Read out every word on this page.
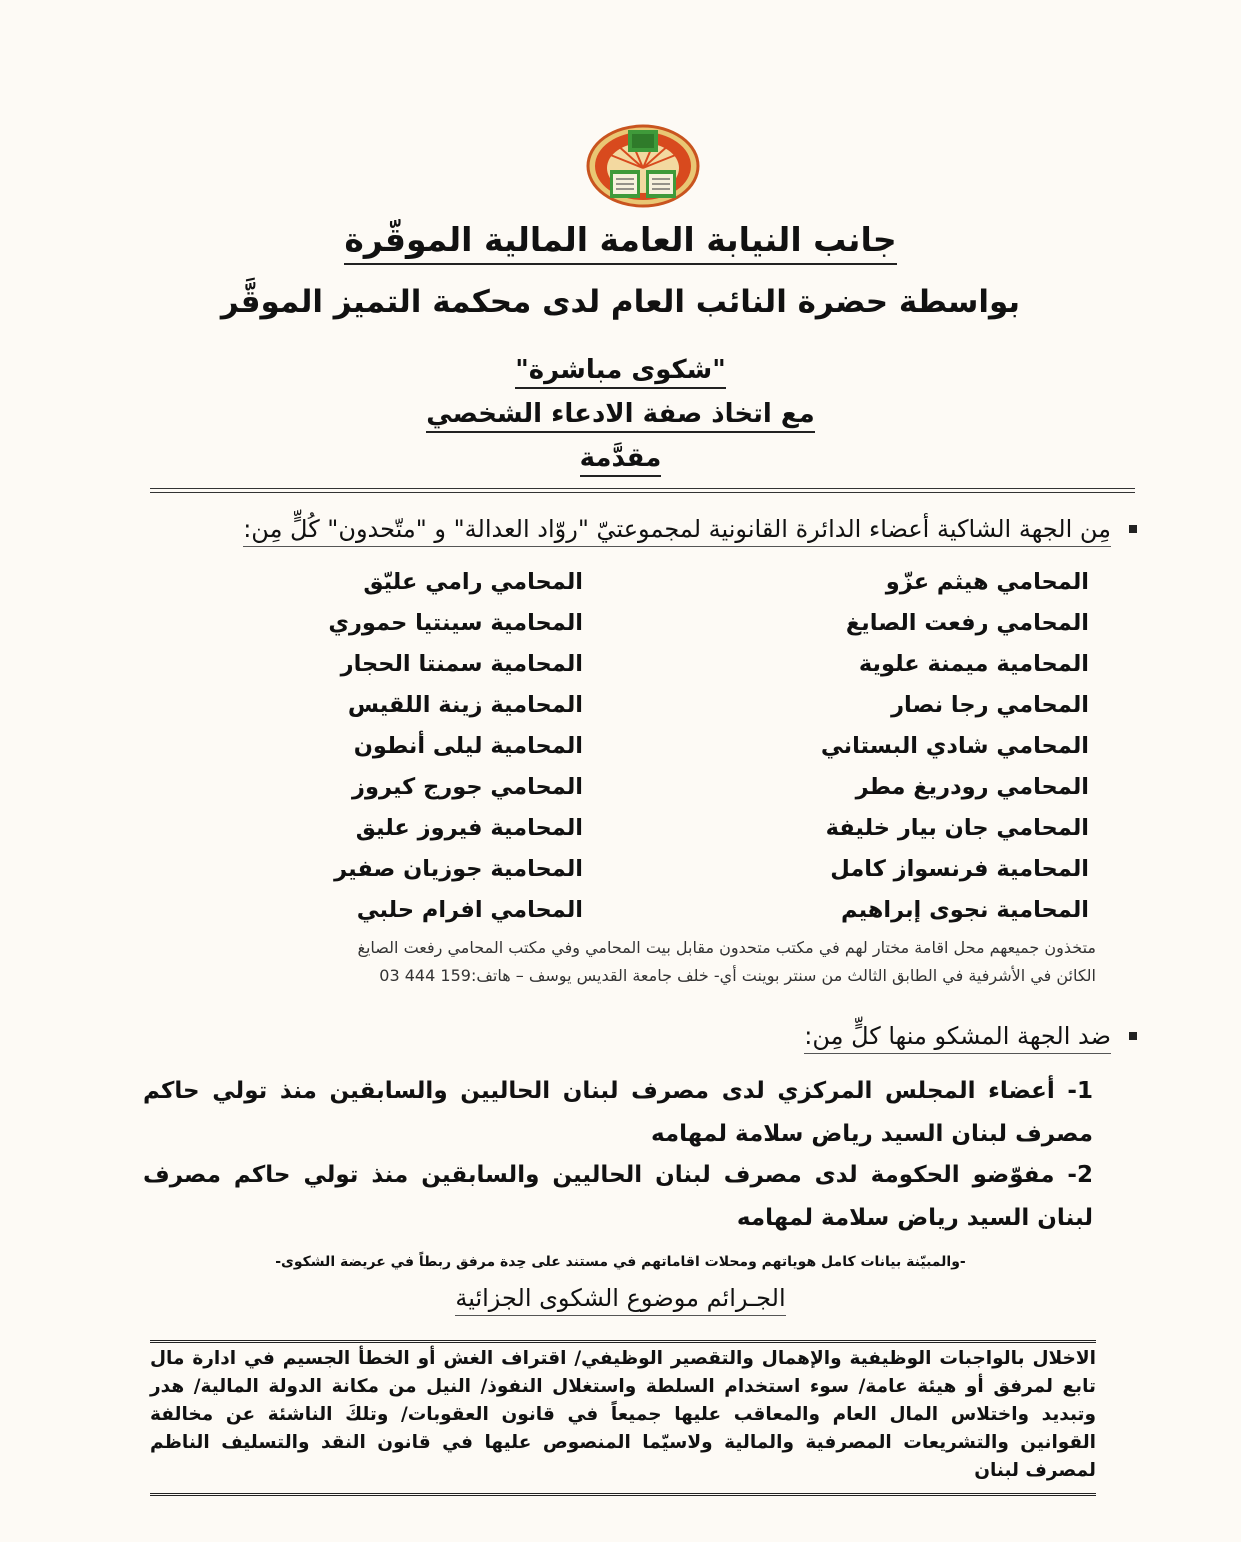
جانب النيابة العامة المالية الموقّرة
بواسطة حضرة النائب العام لدى محكمة التميز الموقَّر
"شكوى مباشرة"
مع اتخاذ صفة الادعاء الشخصي
مقدَّمة
مِن الجهة الشاكية أعضاء الدائرة القانونية لمجموعتيّ "روّاد العدالة" و "متّحدون" كُلٍّ مِن:
المحامي هيثم عزّو
المحامي رفعت الصايغ
المحامية ميمنة علوية
المحامي رجا نصار
المحامي شادي البستاني
المحامي رودريغ مطر
المحامي جان بيار خليفة
المحامية فرنسواز كامل
المحامية نجوى إبراهيم
المحامي رامي عليّق
المحامية سينتيا حموري
المحامية سمنتا الحجار
المحامية زينة اللقيس
المحامية ليلى أنطون
المحامي جورج كيروز
المحامية فيروز عليق
المحامية جوزيان صفير
المحامي افرام حلبي
متخذون جميعهم محل اقامة مختار لهم في مكتب متحدون مقابل بيت المحامي وفي مكتب المحامي رفعت الصايغ
الكائن في الأشرفية في الطابق الثالث من سنتر بوينت أي- خلف جامعة القديس يوسف – هاتف:159 444 03
ضد الجهة المشكو منها كلٍّ مِن:
1- أعضاء المجلس المركزي لدى مصرف لبنان الحاليين والسابقين منذ تولي حاكم مصرف لبنان السيد رياض سلامة لمهامه
2- مفوّضو الحكومة لدى مصرف لبنان الحاليين والسابقين منذ تولي حاكم مصرف لبنان السيد رياض سلامة لمهامه
-والمبيّنة بيانات كامل هوياتهم ومحلات اقاماتهم في مستند على حِدة مرفق ربطاً في عريضة الشكوى-
الجـرائم موضوع الشكوى الجزائية
الاخلال بالواجبات الوظيفية والإهمال والتقصير الوظيفي/ اقتراف الغش أو الخطأ الجسيم في ادارة مال تابع لمرفق أو هيئة عامة/ سوء استخدام السلطة واستغلال النفوذ/ النيل من مكانة الدولة المالية/ هدر وتبديد واختلاس المال العام والمعاقب عليها جميعاً في قانون العقوبات/ وتلكَ الناشئة عن مخالفة القوانين والتشريعات المصرفية والمالية ولاسيّما المنصوص عليها في قانون النقد والتسليف الناظم لمصرف لبنان
